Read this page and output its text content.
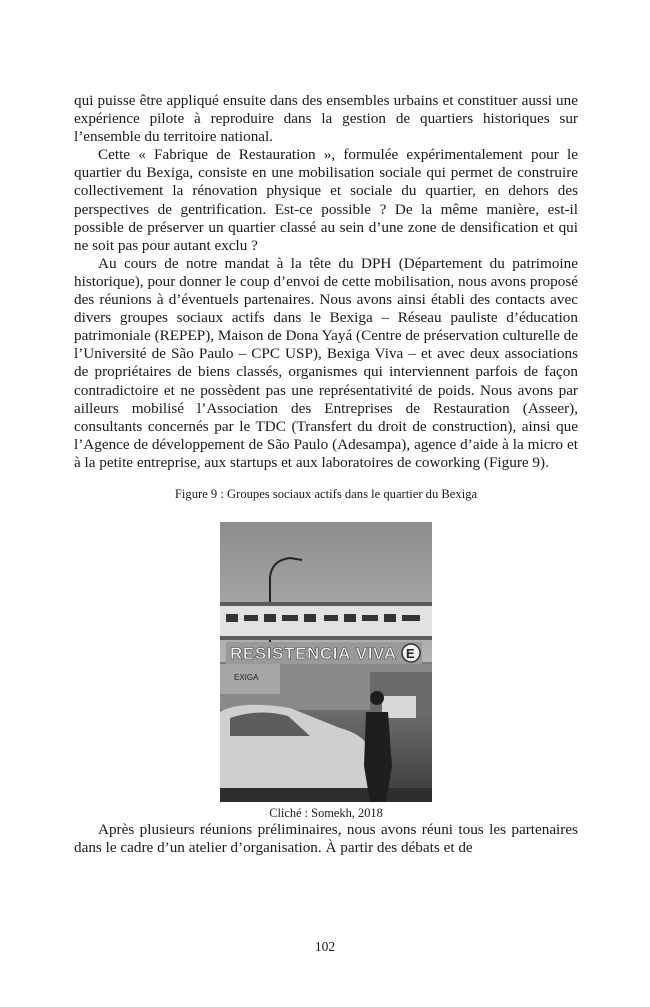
qui puisse être appliqué ensuite dans des ensembles urbains et constituer aussi une expérience pilote à reproduire dans la gestion de quartiers historiques sur l’ensemble du territoire national.

Cette « Fabrique de Restauration », formulée expérimentalement pour le quartier du Bexiga, consiste en une mobilisation sociale qui permet de construire collectivement la rénovation physique et sociale du quartier, en dehors des perspectives de gentrification. Est-ce possible ? De la même manière, est-il possible de préserver un quartier classé au sein d’une zone de densification et qui ne soit pas pour autant exclu ?

Au cours de notre mandat à la tête du DPH (Département du patrimoine historique), pour donner le coup d’envoi de cette mobilisation, nous avons proposé des réunions à d’éventuels partenaires. Nous avons ainsi établi des contacts avec divers groupes sociaux actifs dans le Bexiga – Réseau pauliste d’éducation patrimoniale (REPEP), Maison de Dona Yayá (Centre de préservation culturelle de l’Université de São Paulo – CPC USP), Bexiga Viva – et avec deux associations de propriétaires de biens classés, organismes qui interviennent parfois de façon contradictoire et ne possèdent pas une représentativité de poids. Nous avons par ailleurs mobilisé l’Association des Entreprises de Restauration (Asseer), consultants concernés par le TDC (Transfert du droit de construction), ainsi que l’Agence de développement de São Paulo (Adesampa), agence d’aide à la micro et à la petite entreprise, aux startups et aux laboratoires de coworking (Figure 9).

Figure 9 : Groupes sociaux actifs dans le quartier du Bexiga
RESISTENCIA VIVA E
EXIGA
Cliché : Somekh, 2018

Après plusieurs réunions préliminaires, nous avons réuni tous les partenaires dans le cadre d’un atelier d’organisation. À partir des débats et de

102
